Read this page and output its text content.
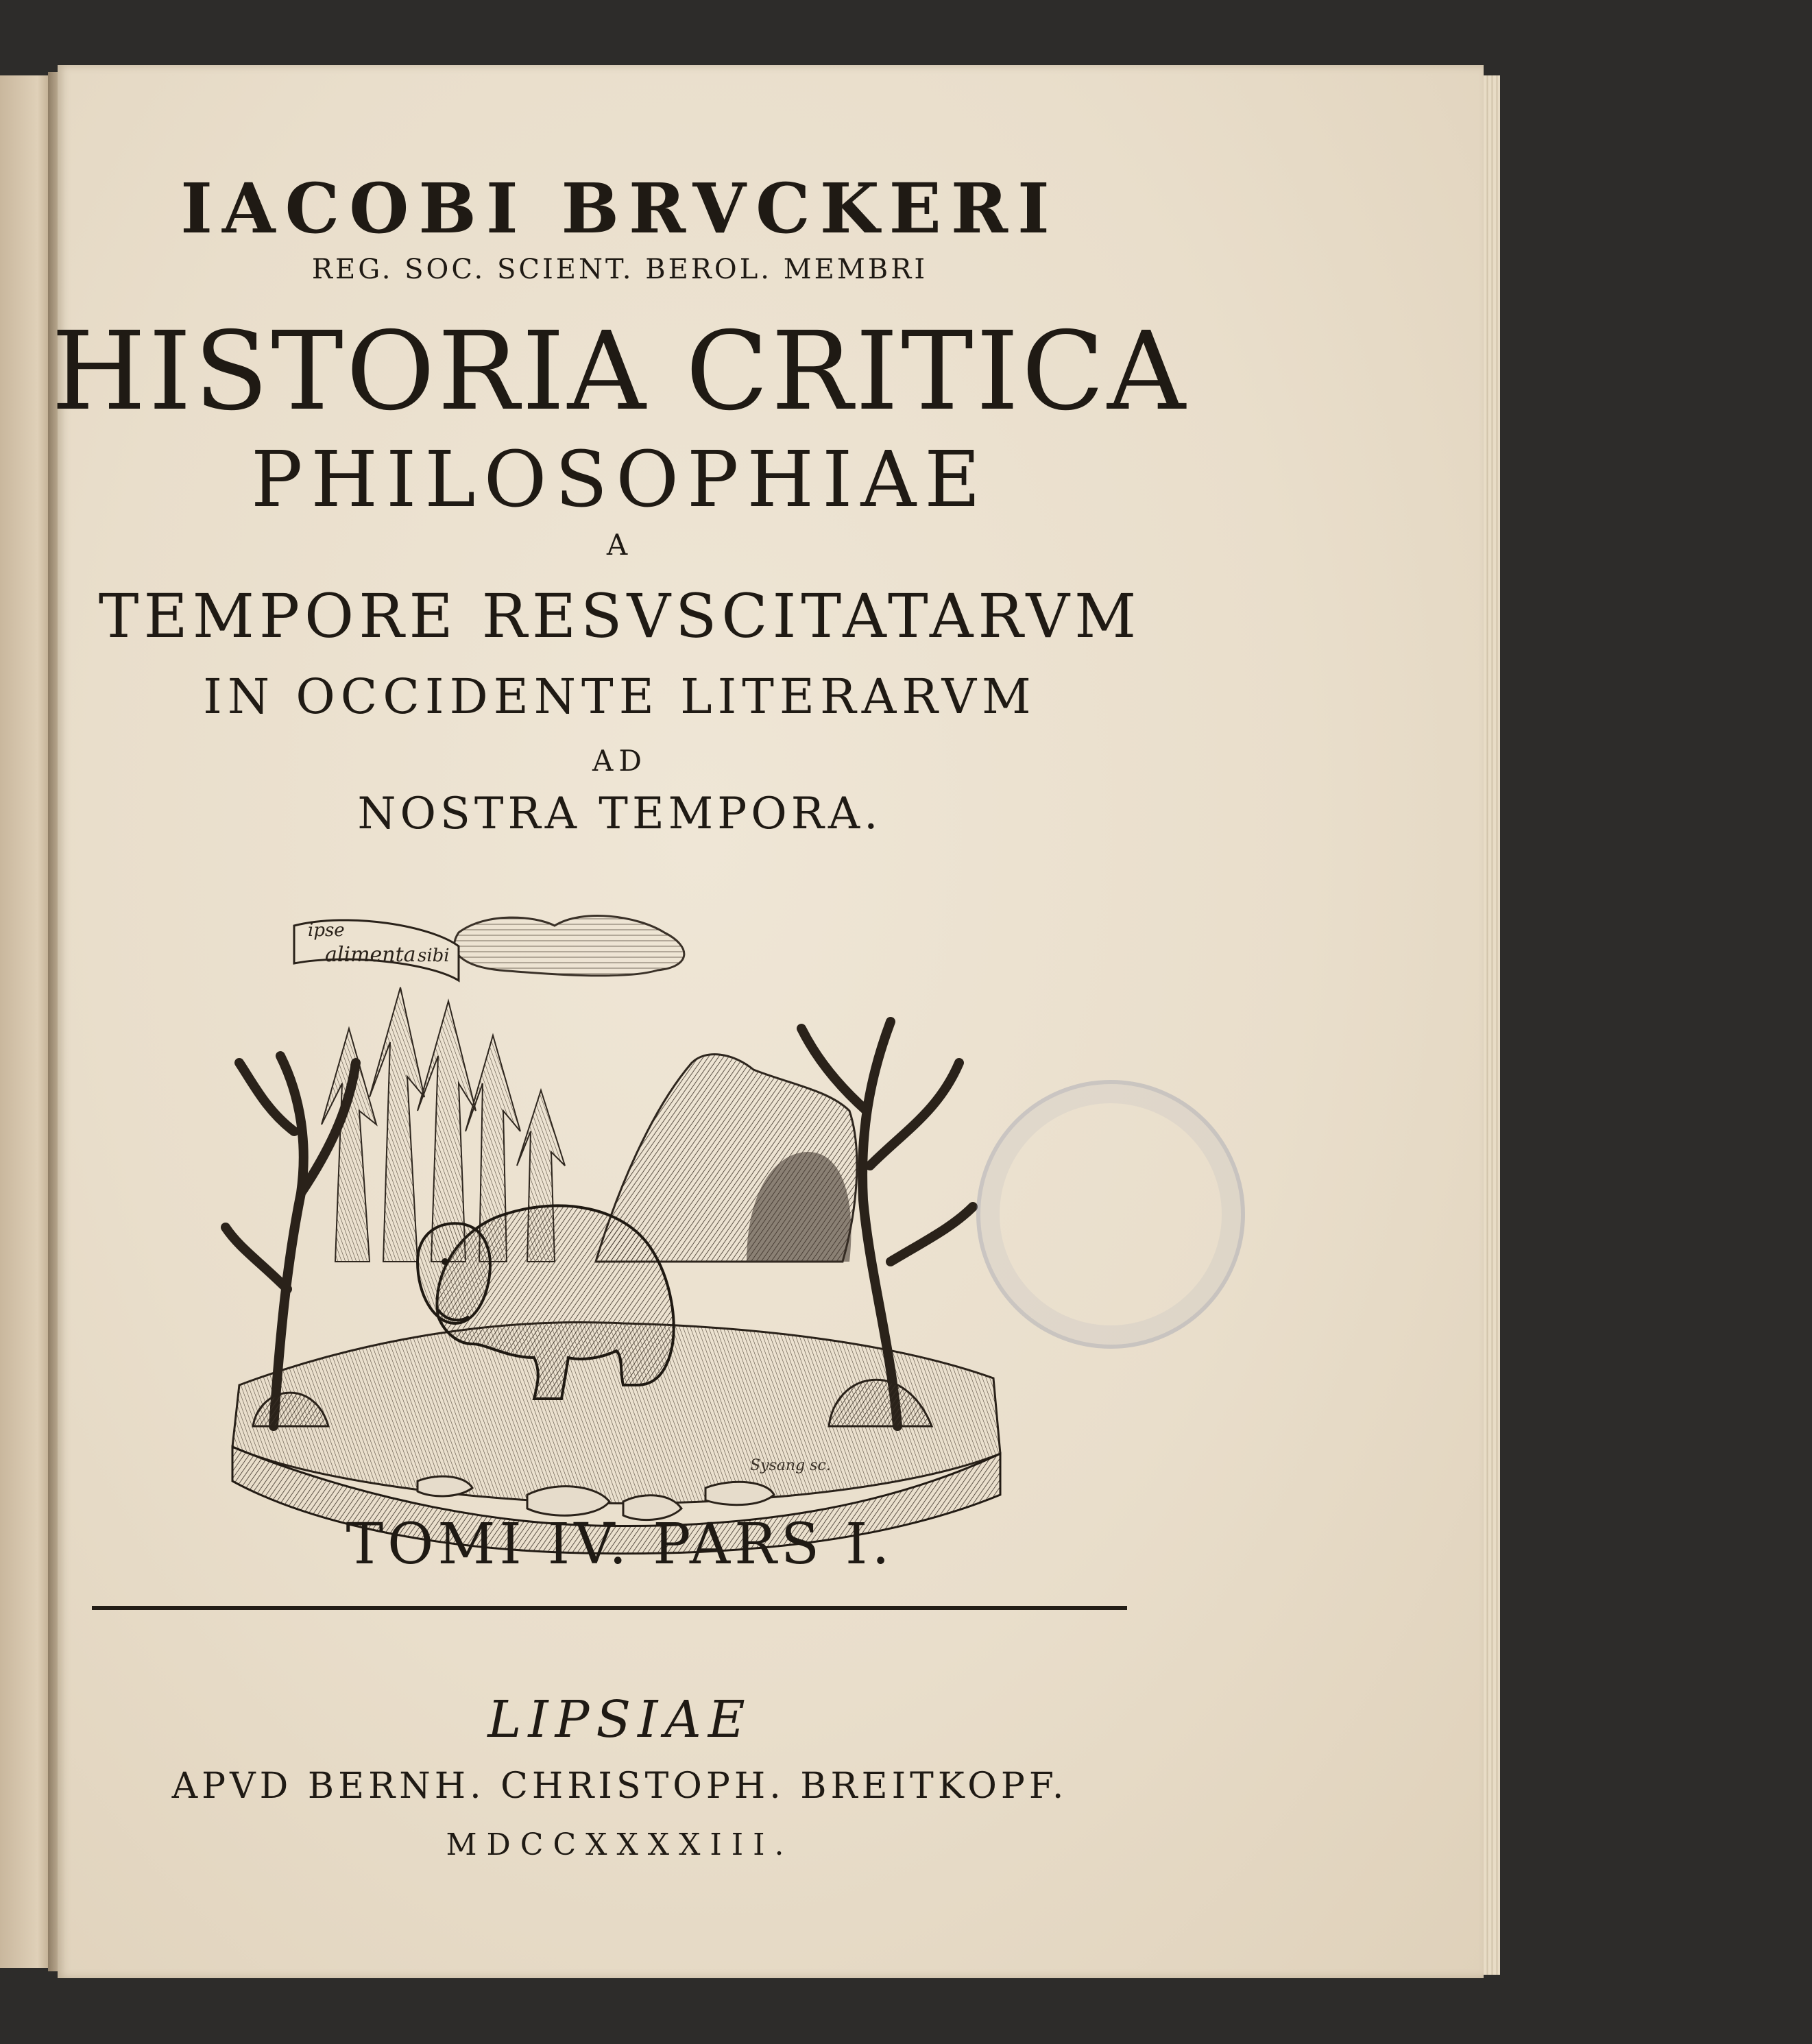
IACOBI BRVCKERI
REG. SOC. SCIENT. BEROL. MEMBRI
HISTORIA CRITICA
PHILOSOPHIAE
A
TEMPORE RESVSCITATARVM
IN OCCIDENTE LITERARVM
AD
NOSTRA TEMPORA.
ipse
alimenta sibi
Sysang sc.
TOMI IV. PARS I.
LIPSIAE
APVD BERNH. CHRISTOPH. BREITKOPF.
MDCCXXXXIII.
